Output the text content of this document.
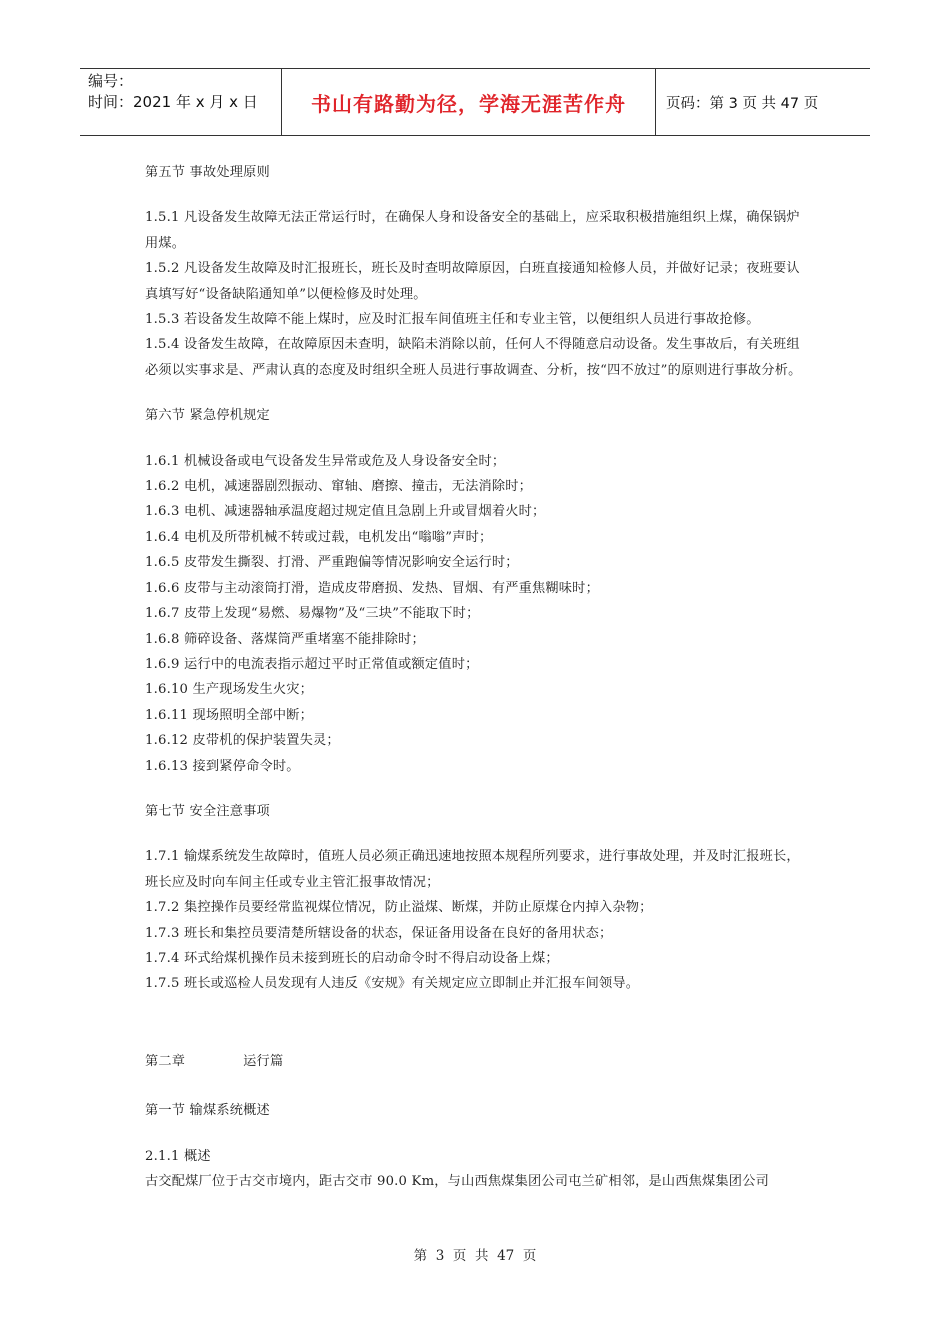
编号：
时间：2021 年 x 月 x 日	书山有路勤为径，学海无涯苦作舟	页码：第 3 页 共 47 页

第五节 事故处理原则

1.5.1 凡设备发生故障无法正常运行时，在确保人身和设备安全的基础上，应采取积极措施组织上煤，确保锅炉用煤。

1.5.2 凡设备发生故障及时汇报班长，班长及时查明故障原因，白班直接通知检修人员，并做好记录；夜班要认真填写好“设备缺陷通知单”以便检修及时处理。

1.5.3 若设备发生故障不能上煤时，应及时汇报车间值班主任和专业主管，以便组织人员进行事故抢修。

1.5.4 设备发生故障，在故障原因未查明，缺陷未消除以前，任何人不得随意启动设备。发生事故后，有关班组必须以实事求是、严肃认真的态度及时组织全班人员进行事故调查、分析，按“四不放过”的原则进行事故分析。

第六节 紧急停机规定

1.6.1 机械设备或电气设备发生异常或危及人身设备安全时；

1.6.2 电机，减速器剧烈振动、窜轴、磨擦、撞击，无法消除时；

1.6.3 电机、减速器轴承温度超过规定值且急剧上升或冒烟着火时；

1.6.4 电机及所带机械不转或过载，电机发出“嗡嗡”声时；

1.6.5 皮带发生撕裂、打滑、严重跑偏等情况影响安全运行时；

1.6.6 皮带与主动滚筒打滑，造成皮带磨损、发热、冒烟、有严重焦糊味时；

1.6.7 皮带上发现“易燃、易爆物”及“三块”不能取下时；

1.6.8 筛碎设备、落煤筒严重堵塞不能排除时；

1.6.9 运行中的电流表指示超过平时正常值或额定值时；

1.6.10 生产现场发生火灾；

1.6.11 现场照明全部中断；

1.6.12 皮带机的保护装置失灵；

1.6.13 接到紧停命令时。

第七节 安全注意事项

1.7.1 输煤系统发生故障时，值班人员必须正确迅速地按照本规程所列要求，进行事故处理，并及时汇报班长，班长应及时向车间主任或专业主管汇报事故情况；

1.7.2 集控操作员要经常监视煤位情况，防止溢煤、断煤，并防止原煤仓内掉入杂物；

1.7.3 班长和集控员要清楚所辖设备的状态，保证备用设备在良好的备用状态；

1.7.4 环式给煤机操作员未接到班长的启动命令时不得启动设备上煤；

1.7.5 班长或巡检人员发现有人违反《安规》有关规定应立即制止并汇报车间领导。

第二章	运行篇

第一节 输煤系统概述

2.1.1 概述

古交配煤厂位于古交市境内，距古交市 90.0 Km，与山西焦煤集团公司屯兰矿相邻，是山西焦煤集团公司

第  3  页  共  47  页
